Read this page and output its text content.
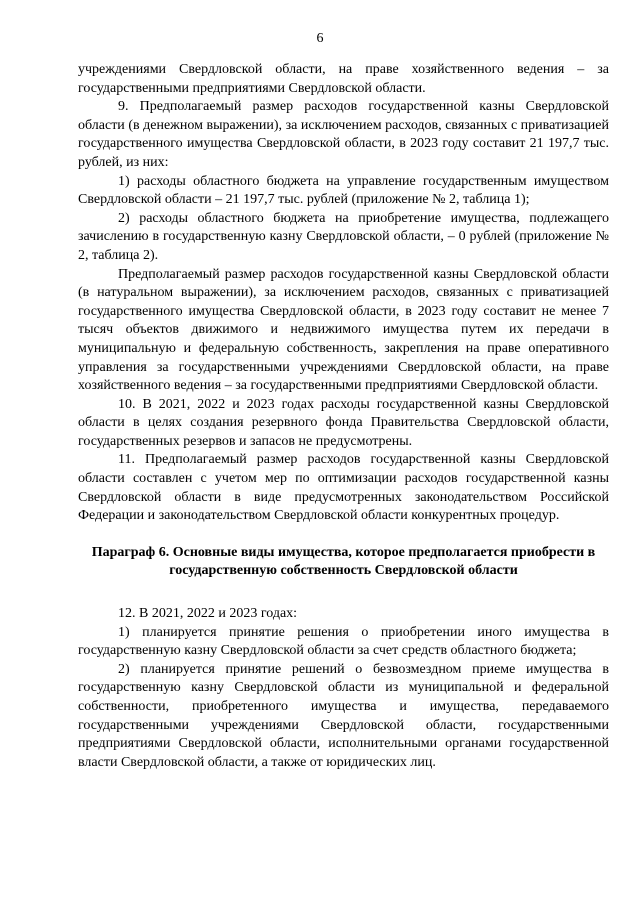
6

учреждениями Свердловской области, на праве хозяйственного ведения – за государственными предприятиями Свердловской области.

9. Предполагаемый размер расходов государственной казны Свердловской области (в денежном выражении), за исключением расходов, связанных с приватизацией государственного имущества Свердловской области, в 2023 году составит 21 197,7 тыс. рублей, из них:

1) расходы областного бюджета на управление государственным имуществом Свердловской области – 21 197,7 тыс. рублей (приложение № 2, таблица 1);

2) расходы областного бюджета на приобретение имущества, подлежащего зачислению в государственную казну Свердловской области, – 0 рублей (приложение № 2, таблица 2).

Предполагаемый размер расходов государственной казны Свердловской области (в натуральном выражении), за исключением расходов, связанных с приватизацией государственного имущества Свердловской области, в 2023 году составит не менее 7 тысяч объектов движимого и недвижимого имущества путем их передачи в муниципальную и федеральную собственность, закрепления на праве оперативного управления за государственными учреждениями Свердловской области, на праве хозяйственного ведения – за государственными предприятиями Свердловской области.

10. В 2021, 2022 и 2023 годах расходы государственной казны Свердловской области в целях создания резервного фонда Правительства Свердловской области, государственных резервов и запасов не предусмотрены.

11. Предполагаемый размер расходов государственной казны Свердловской области составлен с учетом мер по оптимизации расходов государственной казны Свердловской области в виде предусмотренных законодательством Российской Федерации и законодательством Свердловской области конкурентных процедур.

Параграф 6. Основные виды имущества, которое предполагается приобрести в государственную собственность Свердловской области

12. В 2021, 2022 и 2023 годах:

1) планируется принятие решения о приобретении иного имущества в государственную казну Свердловской области за счет средств областного бюджета;

2) планируется принятие решений о безвозмездном приеме имущества в государственную казну Свердловской области из муниципальной и федеральной собственности, приобретенного имущества и имущества, передаваемого государственными учреждениями Свердловской области, государственными предприятиями Свердловской области, исполнительными органами государственной власти Свердловской области, а также от юридических лиц.
